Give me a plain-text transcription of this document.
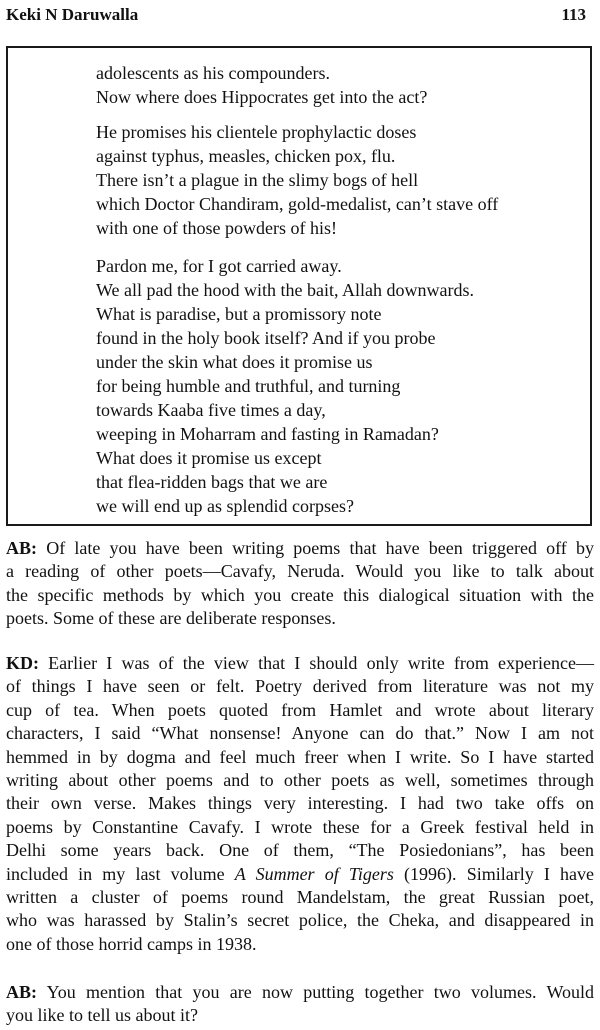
Keki N Daruwalla	113
adolescents as his compounders.
Now where does Hippocrates get into the act?
He promises his clientele prophylactic doses
against typhus, measles, chicken pox, flu.
There isn’t a plague in the slimy bogs of hell
which Doctor Chandiram, gold-medalist, can’t stave off
with one of those powders of his!
Pardon me, for I got carried away.
We all pad the hood with the bait, Allah downwards.
What is paradise, but a promissory note
found in the holy book itself? And if you probe
under the skin what does it promise us
for being humble and truthful, and turning
towards Kaaba five times a day,
weeping in Moharram and fasting in Ramadan?
What does it promise us except
that flea-ridden bags that we are
we will end up as splendid corpses?

AB: Of late you have been writing poems that have been triggered off by
a reading of other poets—Cavafy, Neruda. Would you like to talk about
the specific methods by which you create this dialogical situation with the
poets. Some of these are deliberate responses.

KD: Earlier I was of the view that I should only write from experience—
of things I have seen or felt. Poetry derived from literature was not my
cup of tea. When poets quoted from Hamlet and wrote about literary
characters, I said “What nonsense! Anyone can do that.” Now I am not
hemmed in by dogma and feel much freer when I write. So I have started
writing about other poems and to other poets as well, sometimes through
their own verse. Makes things very interesting. I had two take offs on
poems by Constantine Cavafy. I wrote these for a Greek festival held in
Delhi some years back. One of them, “The Posiedonians”, has been
included in my last volume A Summer of Tigers (1996). Similarly I have
written a cluster of poems round Mandelstam, the great Russian poet,
who was harassed by Stalin’s secret police, the Cheka, and disappeared in
one of those horrid camps in 1938.

AB: You mention that you are now putting together two volumes. Would
you like to tell us about it?
